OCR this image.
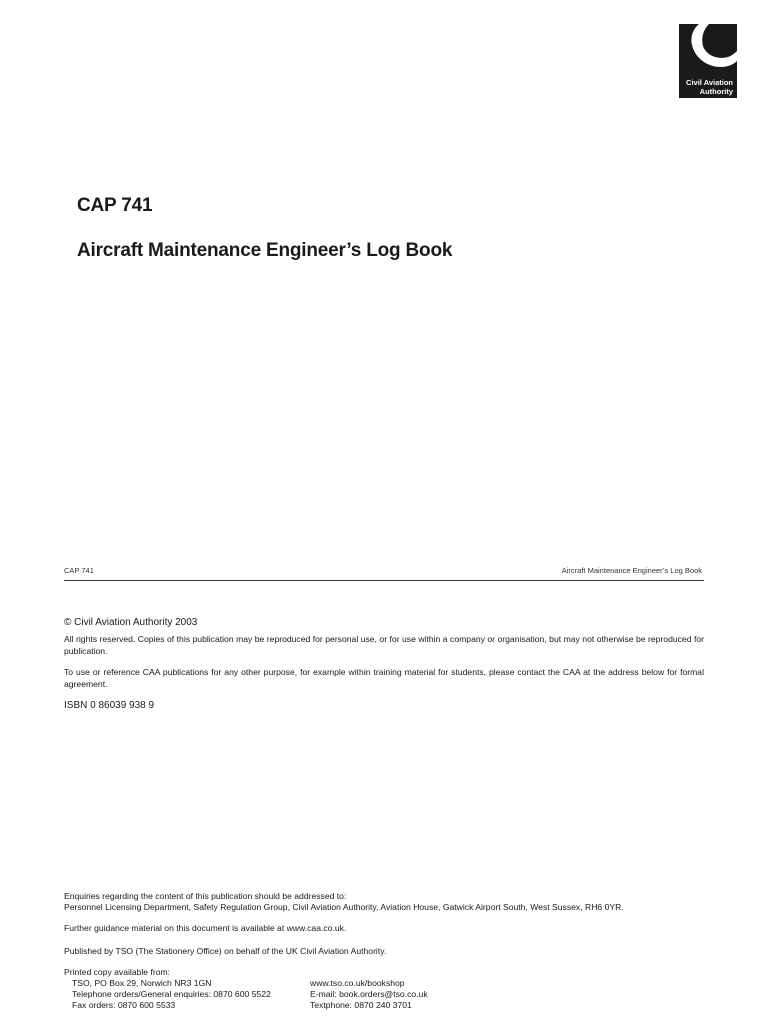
Civil Aviation
Authority
CAP 741
Aircraft Maintenance Engineer’s Log Book
CAP 741	Aircraft Maintenance Engineer’s Log Book
© Civil Aviation Authority 2003

All rights reserved. Copies of this publication may be reproduced for personal use, or for use within a company or organisation, but may not otherwise be reproduced for publication.

To use or reference CAA publications for any other purpose, for example within training material for students, please contact the CAA at the address below for formal agreement.

ISBN 0 86039 938 9
Enquiries regarding the content of this publication should be addressed to:
Personnel Licensing Department, Safety Regulation Group, Civil Aviation Authority, Aviation House, Gatwick Airport South, West Sussex, RH6 0YR.
Further guidance material on this document is available at www.caa.co.uk.
Published by TSO (The Stationery Office) on behalf of the UK Civil Aviation Authority.
Printed copy available from:
TSO, PO Box 29, Norwich NR3 1GN
Telephone orders/General enquiries: 0870 600 5522
Fax orders: 0870 600 5533
www.tso.co.uk/bookshop
E-mail: book.orders@tso.co.uk
Textphone: 0870 240 3701
